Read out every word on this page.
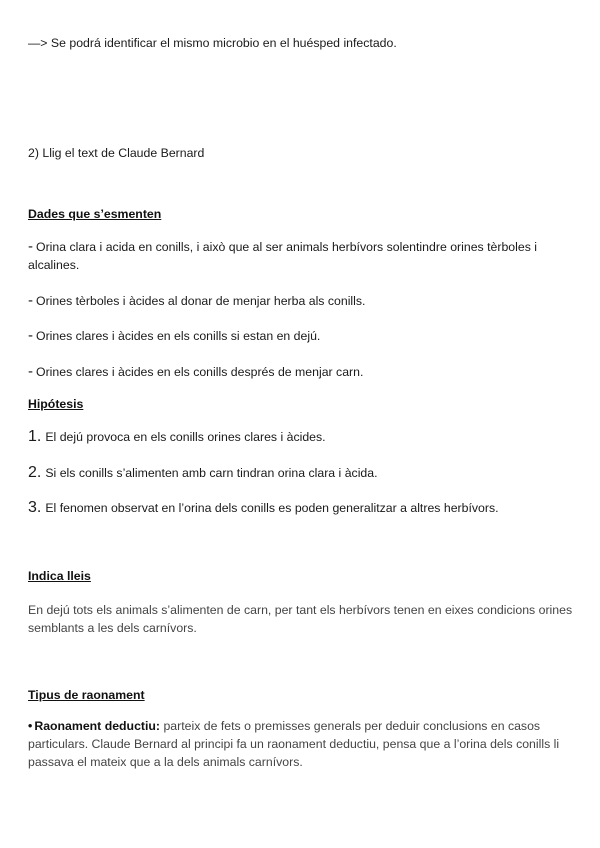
—> Se podrá identificar el mismo microbio en el huésped infectado.
2) Llig el text de Claude Bernard
Dades que s’esmenten
- Orina clara i acida en conills, i això que al ser animals herbívors solentindre orines tèrboles i alcalines.
- Orines tèrboles i àcides al donar de menjar herba als conills.
- Orines clares i àcides en els conills si estan en dejú.
- Orines clares i àcides en els conills després de menjar carn.
Hipótesis
1. El dejú provoca en els conills orines clares i àcides.
2. Si els conills s’alimenten amb carn tindran orina clara i àcida.
3. El fenomen observat en l’orina dels conills es poden generalitzar a altres herbívors.
Indica lleis
En dejú tots els animals s’alimenten de carn, per tant els herbívors tenen en eixes condicions orines semblants a les dels carnívors.
Tipus de raonament
• Raonament deductiu: parteix de fets o premisses generals per deduir conclusions en casos particulars. Claude Bernard al principi fa un raonament deductiu, pensa que a l’orina dels conills li passava el mateix que a la dels animals carnívors.
